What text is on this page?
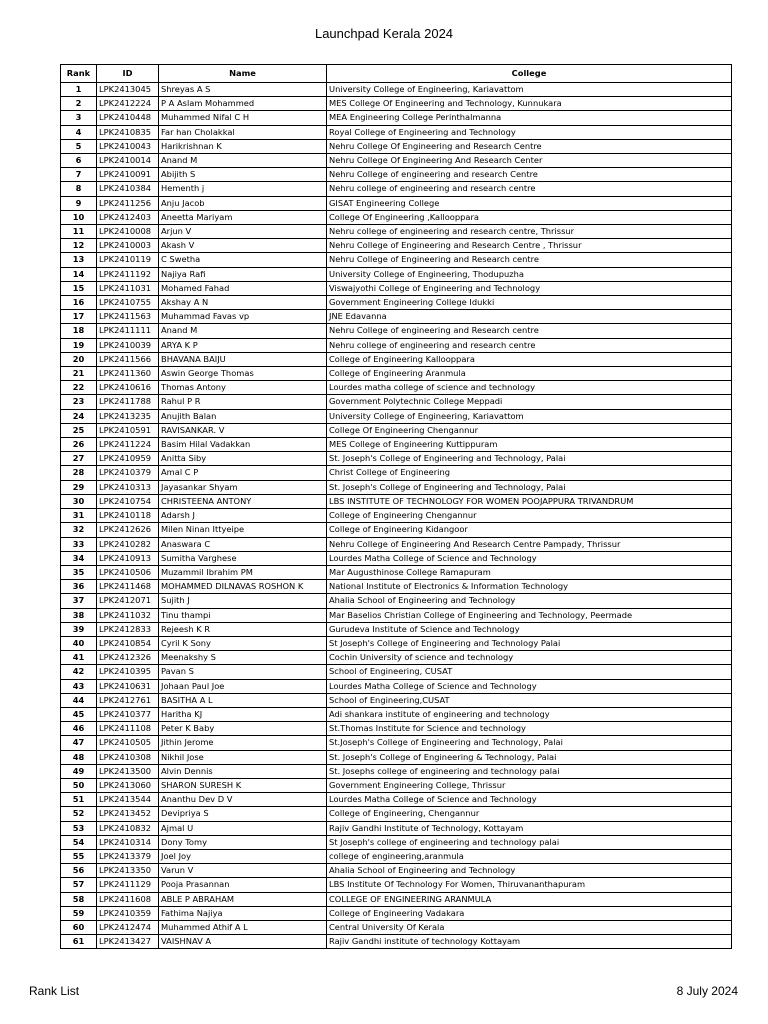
Launchpad Kerala 2024
Rank	ID	Name	College
1	LPK2413045	Shreyas A S	University College of Engineering, Kariavattom
2	LPK2412224	P A Aslam Mohammed	MES College Of Engineering and Technology, Kunnukara
3	LPK2410448	Muhammed Nifal C H	MEA Engineering College Perinthalmanna
4	LPK2410835	Far han Cholakkal	Royal College of Engineering and Technology
5	LPK2410043	Harikrishnan K	Nehru College Of Engineering and Research Centre
6	LPK2410014	Anand M	Nehru College Of Engineering And Research Center
7	LPK2410091	Abijith S	Nehru College of engineering and research Centre
8	LPK2410384	Hementh j	Nehru college of engineering and research centre
9	LPK2411256	Anju Jacob	GISAT Engineering College
10	LPK2412403	Aneetta Mariyam	College Of Engineering ,Kallooppara
11	LPK2410008	Arjun V	Nehru college of engineering and research centre, Thrissur
12	LPK2410003	Akash V	Nehru College of Engineering and Research Centre , Thrissur
13	LPK2410119	C Swetha	Nehru College of Engineering and Research centre
14	LPK2411192	Najiya Rafi	University College of Engineering, Thodupuzha
15	LPK2411031	Mohamed Fahad	Viswajyothi College of Engineering and Technology
16	LPK2410755	Akshay A N	Government Engineering College Idukki
17	LPK2411563	Muhammad Favas vp	JNE Edavanna
18	LPK2411111	Anand M	Nehru College of engineering and Research centre
19	LPK2410039	ARYA K P	Nehru college of engineering and research centre
20	LPK2411566	BHAVANA BAIJU	College of Engineering Kallooppara
21	LPK2411360	Aswin George Thomas	College of Engineering Aranmula
22	LPK2410616	Thomas Antony	Lourdes matha college of science and technology
23	LPK2411788	Rahul P R	Government Polytechnic College Meppadi
24	LPK2413235	Anujith Balan	University College of Engineering, Kariavattom
25	LPK2410591	RAVISANKAR. V	College Of Engineering Chengannur
26	LPK2411224	Basim Hilal Vadakkan	MES College of Engineering Kuttippuram
27	LPK2410959	Anitta Siby	St. Joseph's College of Engineering and Technology, Palai
28	LPK2410379	Amal C P	Christ College of Engineering
29	LPK2410313	Jayasankar Shyam	St. Joseph's College of Engineering and Technology, Palai
30	LPK2410754	CHRISTEENA ANTONY	LBS INSTITUTE OF TECHNOLOGY FOR WOMEN POOJAPPURA TRIVANDRUM
31	LPK2410118	Adarsh J	College of Engineering Chengannur
32	LPK2412626	Milen Ninan Ittyeipe	College of Engineering Kidangoor
33	LPK2410282	Anaswara C	Nehru College of Engineering And Research Centre Pampady, Thrissur
34	LPK2410913	Sumitha Varghese	Lourdes Matha College of Science and Technology
35	LPK2410506	Muzammil Ibrahim PM	Mar Augusthinose College Ramapuram
36	LPK2411468	MOHAMMED DILNAVAS ROSHON K	National Institute of Electronics & Information Technology
37	LPK2412071	Sujith J	Ahalia School of Engineering and Technology
38	LPK2411032	Tinu thampi	Mar Baselios Christian College of Engineering and Technology, Peermade
39	LPK2412833	Rejeesh K R	Gurudeva Institute of Science and Technology
40	LPK2410854	Cyril K Sony	St Joseph's College of Engineering and Technology Palai
41	LPK2412326	Meenakshy S	Cochin University of science and technology
42	LPK2410395	Pavan S	School of Engineering, CUSAT
43	LPK2410631	Johaan Paul Joe	Lourdes Matha College of Science and Technology
44	LPK2412761	BASITHA A L	School of Engineering,CUSAT
45	LPK2410377	Haritha KJ	Adi shankara institute of engineering and technology
46	LPK2411108	Peter K Baby	St.Thomas Institute for Science and technology
47	LPK2410505	Jithin Jerome	St.Joseph's College of Engineering and Technology, Palai
48	LPK2410308	Nikhil Jose	St. Joseph's College of Engineering & Technology, Palai
49	LPK2413500	Alvin Dennis	St. Josephs college of engineering and technology palai
50	LPK2413060	SHARON SURESH K	Government Engineering College, Thrissur
51	LPK2413544	Ananthu Dev D V	Lourdes Matha College of Science and Technology
52	LPK2413452	Devipriya S	College of Engineering, Chengannur
53	LPK2410832	Ajmal U	Rajiv Gandhi Institute of Technology, Kottayam
54	LPK2410314	Dony Tomy	St Joseph's college of engineering and technology palai
55	LPK2413379	Joel Joy	college of engineering,aranmula
56	LPK2413350	Varun V	Ahalia School of Engineering and Technology
57	LPK2411129	Pooja Prasannan	LBS Institute Of Technology For Women, Thiruvananthapuram
58	LPK2411608	ABLE P ABRAHAM	COLLEGE OF ENGINEERING ARANMULA
59	LPK2410359	Fathima Najiya	College of Engineering Vadakara
60	LPK2412474	Muhammed Athif A L	Central University Of Kerala
61	LPK2413427	VAISHNAV A	Rajiv Gandhi institute of technology Kottayam
Rank List	8 July 2024
